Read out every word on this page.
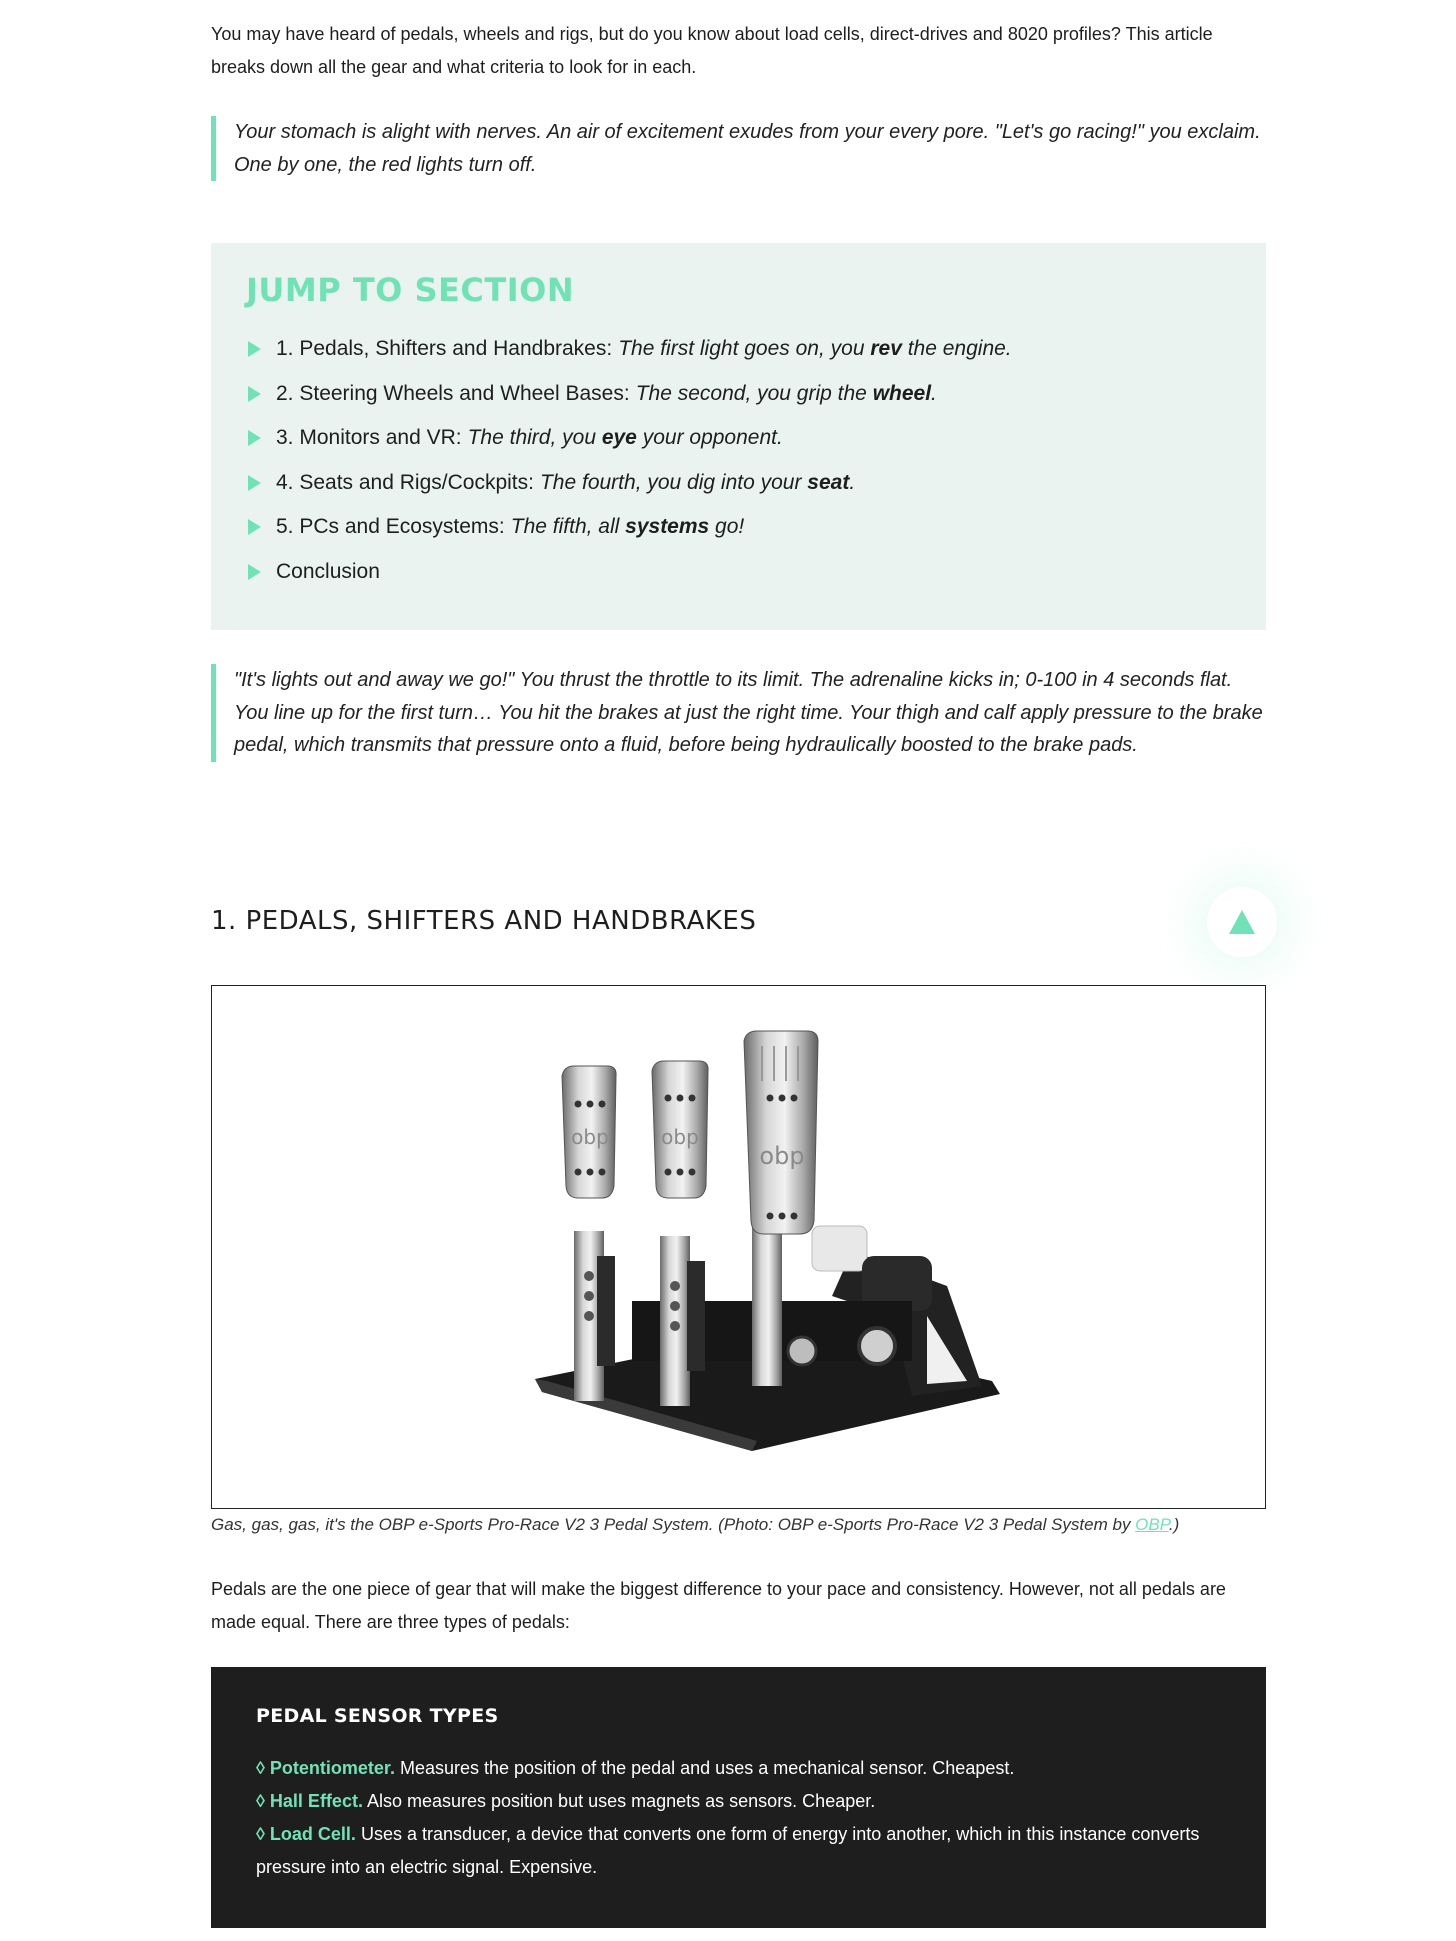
You may have heard of pedals, wheels and rigs, but do you know about load cells, direct-drives and 8020 profiles? This article breaks down all the gear and what criteria to look for in each.

Your stomach is alight with nerves. An air of excitement exudes from your every pore. "Let's go racing!" you exclaim. One by one, the red lights turn off.
JUMP TO SECTION
1. Pedals, Shifters and Handbrakes: The first light goes on, you rev the engine.
2. Steering Wheels and Wheel Bases: The second, you grip the wheel.
3. Monitors and VR: The third, you eye your opponent.
4. Seats and Rigs/Cockpits: The fourth, you dig into your seat.
5. PCs and Ecosystems: The fifth, all systems go!
Conclusion
"It's lights out and away we go!" You thrust the throttle to its limit. The adrenaline kicks in; 0-100 in 4 seconds flat. You line up for the first turn… You hit the brakes at just the right time. Your thigh and calf apply pressure to the brake pedal, which transmits that pressure onto a fluid, before being hydraulically boosted to the brake pads.
1. PEDALS, SHIFTERS AND HANDBRAKES
obp	obp
obp

Gas, gas, gas, it's the OBP e-Sports Pro-Race V2 3 Pedal System. (Photo: OBP e-Sports Pro-Race V2 3 Pedal System by OBP.)

Pedals are the one piece of gear that will make the biggest difference to your pace and consistency. However, not all pedals are made equal. There are three types of pedals:

PEDAL SENSOR TYPES

◊ Potentiometer. Measures the position of the pedal and uses a mechanical sensor. Cheapest.

◊ Hall Effect. Also measures position but uses magnets as sensors. Cheaper.

◊ Load Cell. Uses a transducer, a device that converts one form of energy into another, which in this instance converts pressure into an electric signal. Expensive.
